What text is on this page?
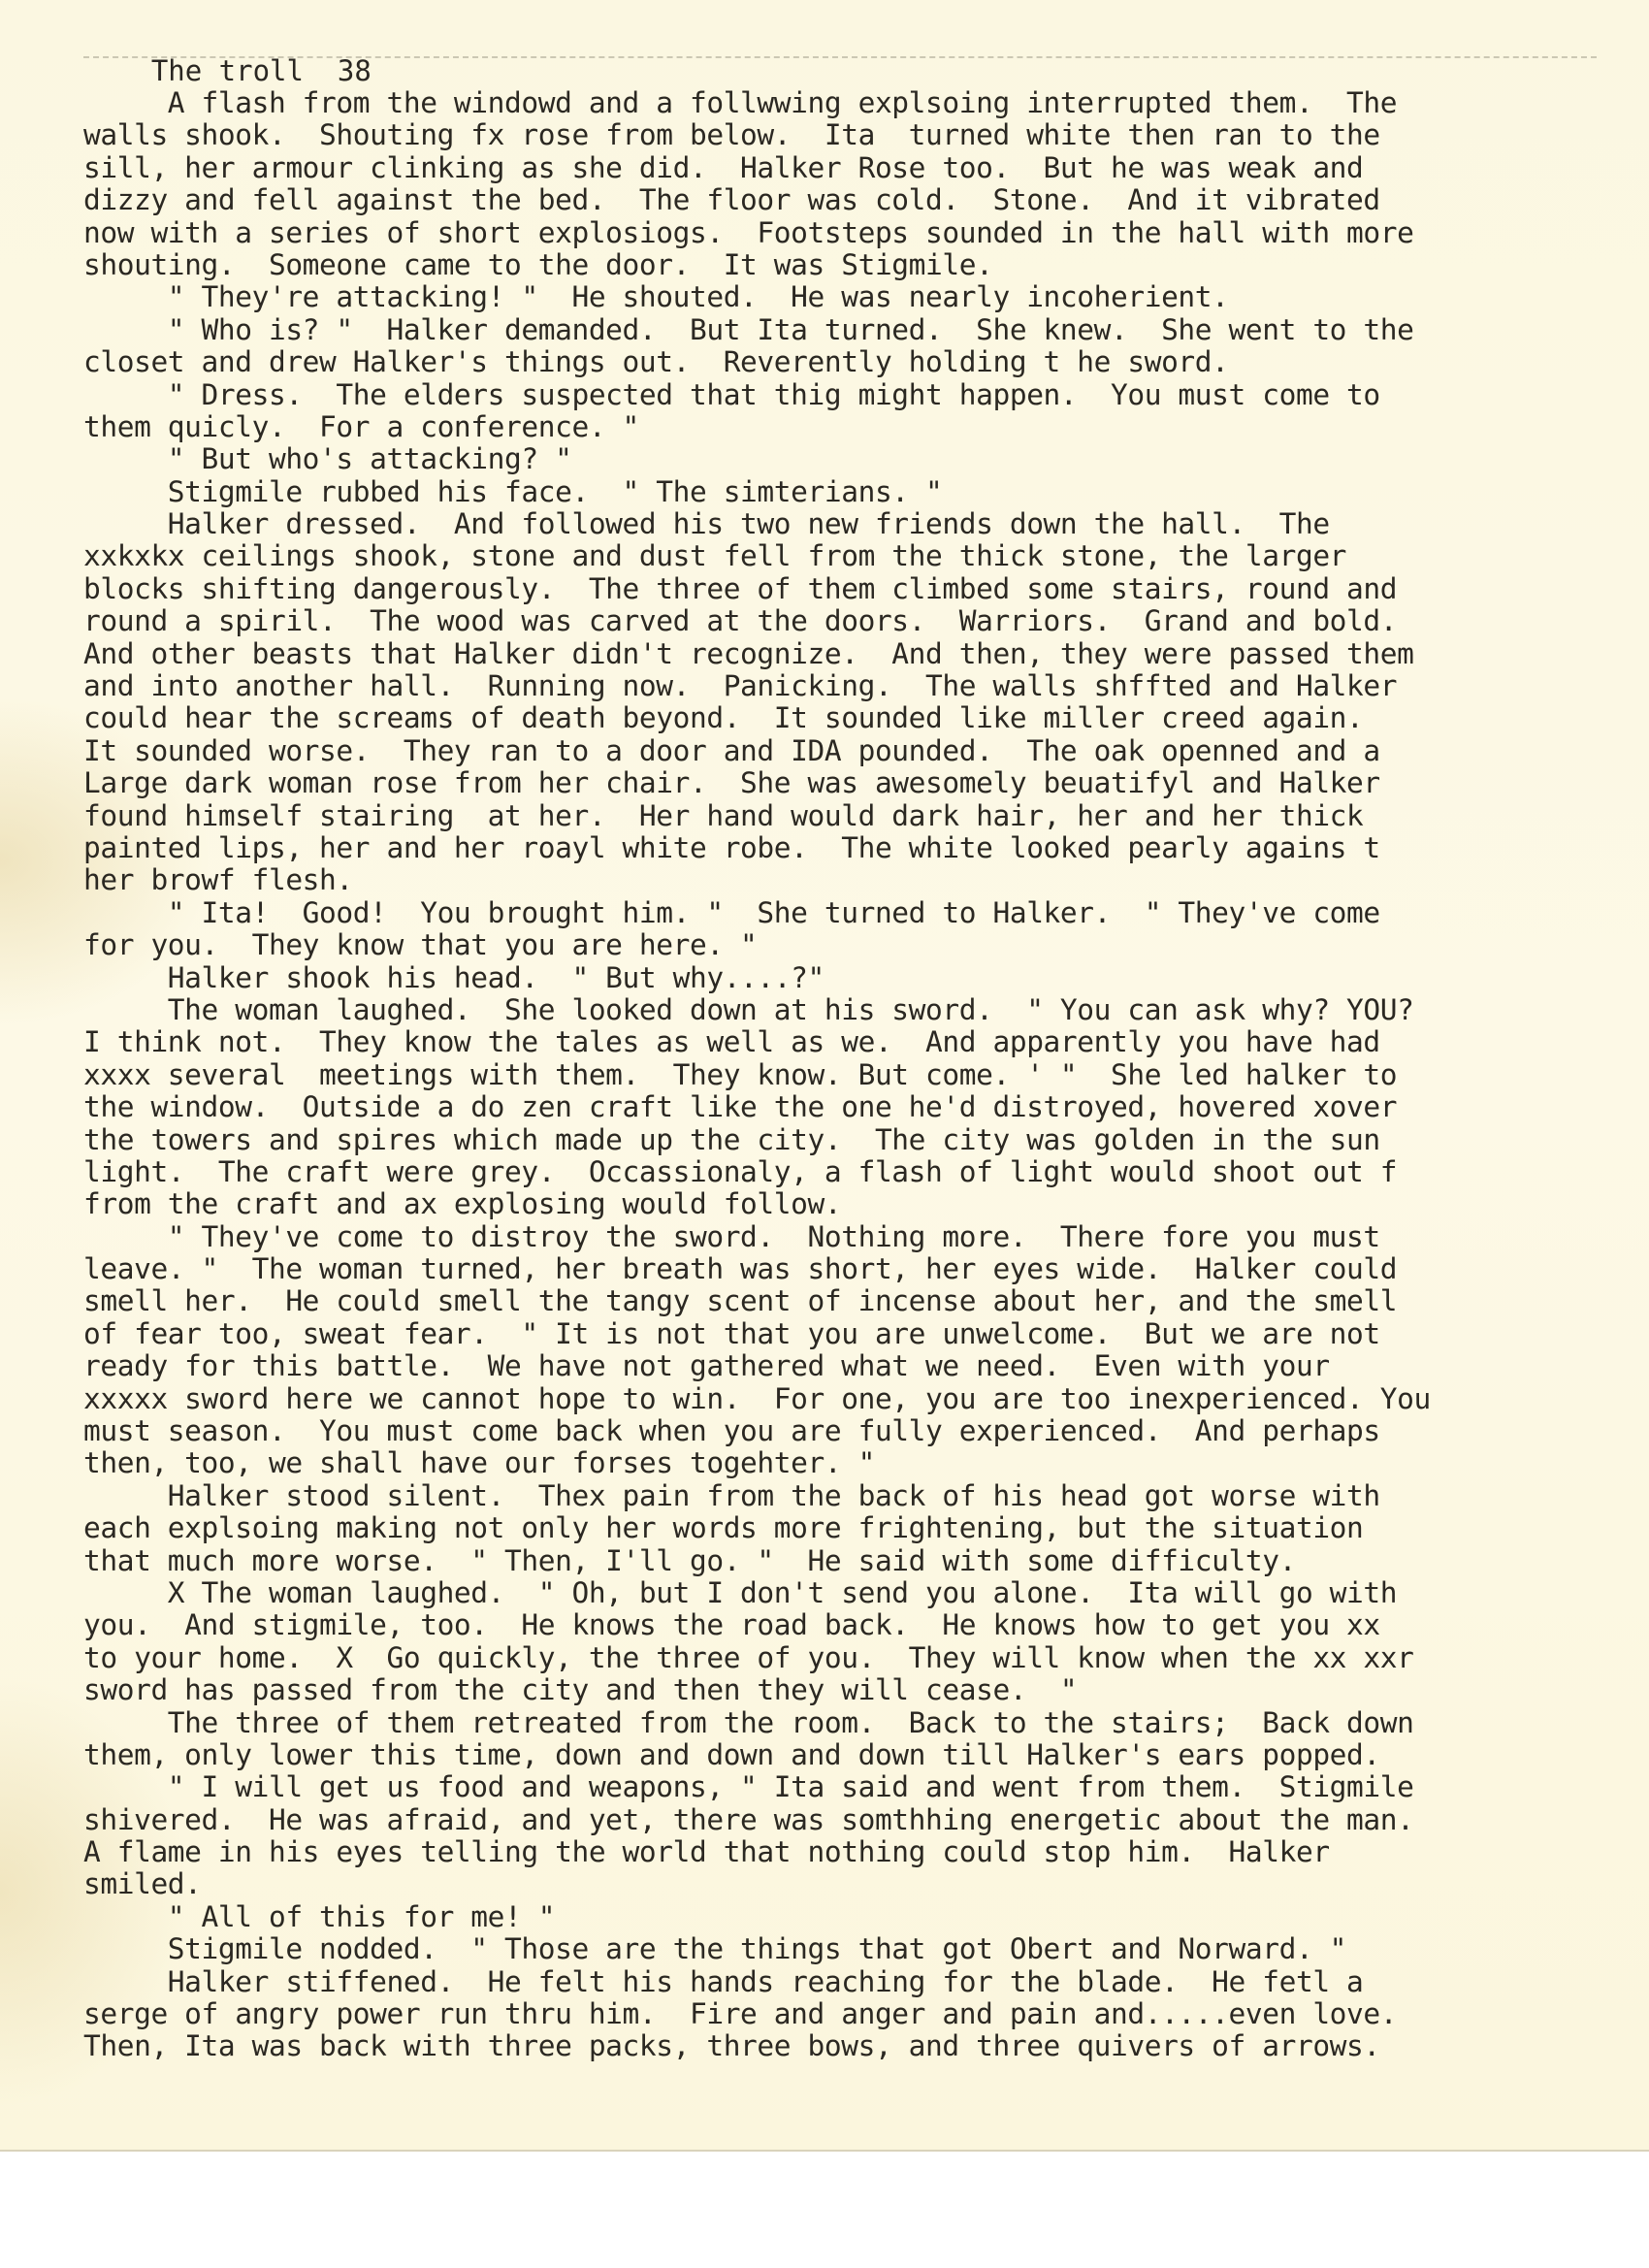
The troll  38

A flash from the windowd and a follwwing explsoing interrupted them.  The
walls shook.  Shouting fx rose from below.  Ita  turned white then ran to the
sill, her armour clinking as she did.  Halker Rose too.  But he was weak and
dizzy and fell against the bed.  The floor was cold.  Stone.  And it vibrated
now with a series of short explosiogs.  Footsteps sounded in the hall with more
shouting.  Someone came to the door.  It was Stigmile.
" They're attacking! "  He shouted.  He was nearly incoherient.
" Who is? "  Halker demanded.  But Ita turned.  She knew.  She went to the
closet and drew Halker's things out.  Reverently holding t he sword.
" Dress.  The elders suspected that thig might happen.  You must come to
them quicly.  For a conference. "
" But who's attacking? "
Stigmile rubbed his face.  " The simterians. "
Halker dressed.  And followed his two new friends down the hall.  The
xxkxkx ceilings shook, stone and dust fell from the thick stone, the larger
blocks shifting dangerously.  The three of them climbed some stairs, round and
round a spiril.  The wood was carved at the doors.  Warriors.  Grand and bold.
And other beasts that Halker didn't recognize.  And then, they were passed them
and into another hall.  Running now.  Panicking.  The walls shffted and Halker
could hear the screams of death beyond.  It sounded like miller creed again.
It sounded worse.  They ran to a door and IDA pounded.  The oak openned and a
Large dark woman rose from her chair.  She was awesomely beuatifyl and Halker
found himself stairing  at her.  Her hand would dark hair, her and her thick
painted lips, her and her roayl white robe.  The white looked pearly agains t
her browf flesh.
" Ita!  Good!  You brought him. "  She turned to Halker.  " They've come
for you.  They know that you are here. "
Halker shook his head.  " But why....?"
The woman laughed.  She looked down at his sword.  " You can ask why? YOU?
I think not.  They know the tales as well as we.  And apparently you have had
xxxx several  meetings with them.  They know. But come. ' "  She led halker to
the window.  Outside a do zen craft like the one he'd distroyed, hovered xover
the towers and spires which made up the city.  The city was golden in the sun
light.  The craft were grey.  Occassionaly, a flash of light would shoot out f
from the craft and ax explosing would follow.
" They've come to distroy the sword.  Nothing more.  There fore you must
leave. "  The woman turned, her breath was short, her eyes wide.  Halker could
smell her.  He could smell the tangy scent of incense about her, and the smell
of fear too, sweat fear.  " It is not that you are unwelcome.  But we are not
ready for this battle.  We have not gathered what we need.  Even with your
xxxxx sword here we cannot hope to win.  For one, you are too inexperienced. You
must season.  You must come back when you are fully experienced.  And perhaps
then, too, we shall have our forses togehter. "
Halker stood silent.  Thex pain from the back of his head got worse with
each explsoing making not only her words more frightening, but the situation
that much more worse.  " Then, I'll go. "  He said with some difficulty.
X The woman laughed.  " Oh, but I don't send you alone.  Ita will go with
you.  And stigmile, too.  He knows the road back.  He knows how to get you xx
to your home.  X  Go quickly, the three of you.  They will know when the xx xxr
sword has passed from the city and then they will cease.  "
The three of them retreated from the room.  Back to the stairs;  Back down
them, only lower this time, down and down and down till Halker's ears popped.
" I will get us food and weapons, " Ita said and went from them.  Stigmile
shivered.  He was afraid, and yet, there was somthhing energetic about the man.
A flame in his eyes telling the world that nothing could stop him.  Halker
smiled.
" All of this for me! "
Stigmile nodded.  " Those are the things that got Obert and Norward. "
Halker stiffened.  He felt his hands reaching for the blade.  He fetl a
serge of angry power run thru him.  Fire and anger and pain and.....even love.
Then, Ita was back with three packs, three bows, and three quivers of arrows.
